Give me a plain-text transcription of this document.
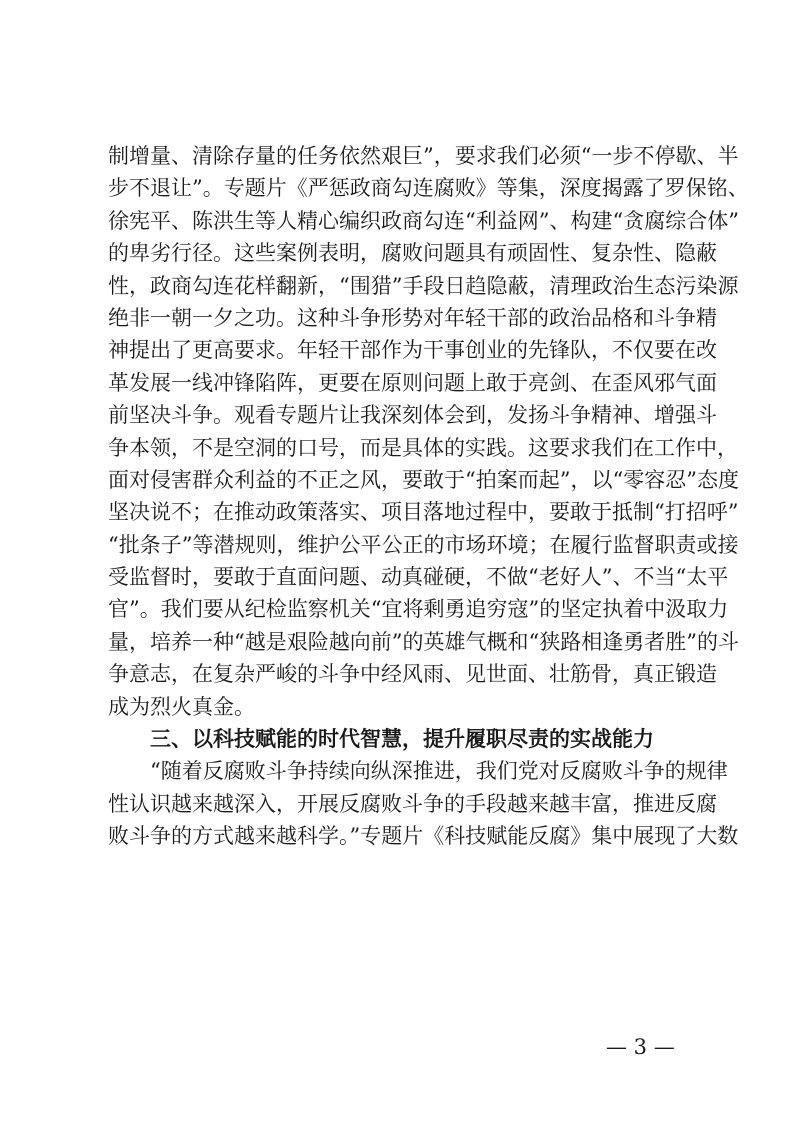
制增量、清除存量的任务依然艰巨”，要求我们必须“一步不停歇、半
步不退让”。专题片《严惩政商勾连腐败》等集，深度揭露了罗保铭、
徐宪平、陈洪生等人精心编织政商勾连“利益网”、构建“贪腐综合体”
的卑劣行径。这些案例表明，腐败问题具有顽固性、复杂性、隐蔽
性，政商勾连花样翻新，“围猎”手段日趋隐蔽，清理政治生态污染源
绝非一朝一夕之功。这种斗争形势对年轻干部的政治品格和斗争精
神提出了更高要求。年轻干部作为干事创业的先锋队，不仅要在改
革发展一线冲锋陷阵，更要在原则问题上敢于亮剑、在歪风邪气面
前坚决斗争。观看专题片让我深刻体会到，发扬斗争精神、增强斗
争本领，不是空洞的口号，而是具体的实践。这要求我们在工作中，
面对侵害群众利益的不正之风，要敢于“拍案而起”，以“零容忍”态度
坚决说不；在推动政策落实、项目落地过程中，要敢于抵制“打招呼”
“批条子”等潜规则，维护公平公正的市场环境；在履行监督职责或接
受监督时，要敢于直面问题、动真碰硬，不做“老好人”、不当“太平
官”。我们要从纪检监察机关“宜将剩勇追穷寇”的坚定执着中汲取力
量，培养一种“越是艰险越向前”的英雄气概和“狭路相逢勇者胜”的斗
争意志，在复杂严峻的斗争中经风雨、见世面、壮筋骨，真正锻造
成为烈火真金。
三、以科技赋能的时代智慧，提升履职尽责的实战能力
“随着反腐败斗争持续向纵深推进，我们党对反腐败斗争的规律
性认识越来越深入，开展反腐败斗争的手段越来越丰富，推进反腐
败斗争的方式越来越科学。”专题片《科技赋能反腐》集中展现了大数
— 3 —
